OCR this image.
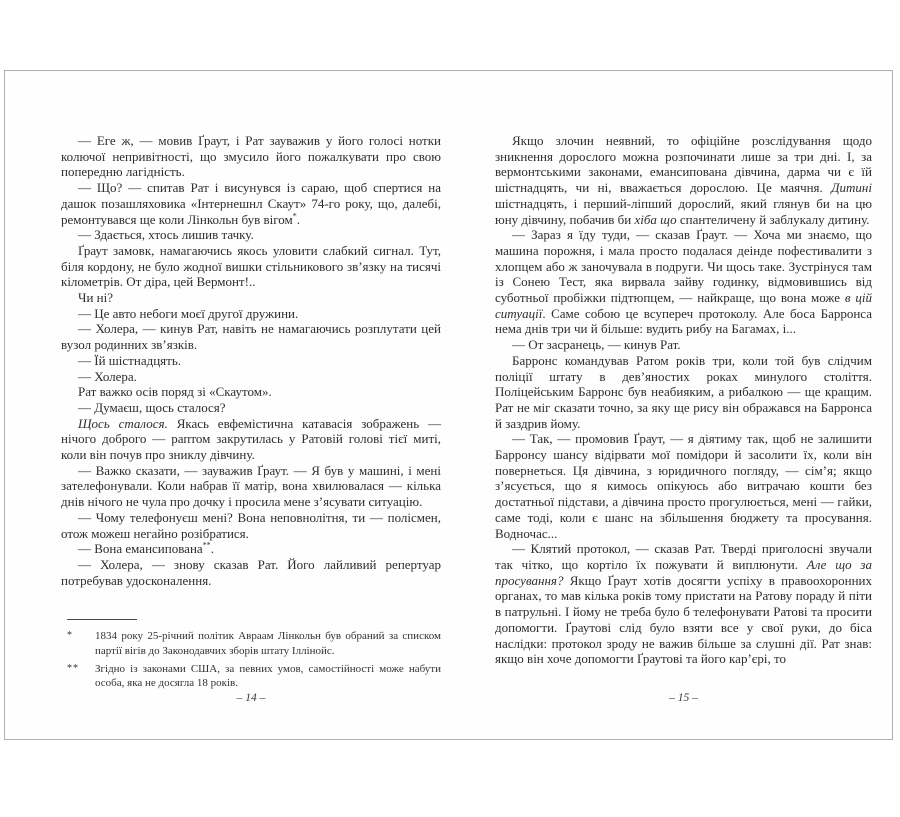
— Еге ж, — мовив Ґраут, і Рат зауважив у його голосі нотки колючої непривітності, що змусило його пожалкувати про свою попередню лагідність.

— Що? — спитав Рат і висунувся із сараю, щоб спертися на дашок позашляховика «Інтернешнл Скаут» 74-го року, що, далебі, ремонтувався ще коли Лінкольн був вігом*.

— Здається, хтось лишив тачку.

Ґраут замовк, намагаючись якось уловити слабкий сигнал. Тут, біля кордону, не було жодної вишки стільникового зв’язку на тисячі кілометрів. От діра, цей Вермонт!..

Чи ні?

— Це авто небоги моєї другої дружини.

— Холера, — кинув Рат, навіть не намагаючись розплутати цей вузол родинних зв’язків.

— Їй шістнадцять.

— Холера.

Рат важко осів поряд зі «Скаутом».

— Думаєш, щось сталося?

Щось сталося. Якась евфемістична катавасія зображень — нічого доброго — раптом закрутилась у Ратовій голові тієї миті, коли він почув про зниклу дівчину.

— Важко сказати, — зауважив Ґраут. — Я був у машині, і мені зателефонували. Коли набрав її матір, вона хвилювалася — кілька днів нічого не чула про дочку і просила мене з’ясувати ситуацію.

— Чому телефонуєш мені? Вона неповнолітня, ти — полісмен, отож можеш негайно розібратися.

— Вона емансипована**.

— Холера, — знову сказав Рат. Його лайливий репертуар потребував удосконалення.

*	1834 року 25-річний політик Авраам Лінкольн був обраний за списком партії вігів до Законодавчих зборів штату Іллінойс.
**	Згідно із законами США, за певних умов, самостійності може набути особа, яка не досягла 18 років.
– 14 –

Якщо злочин неявний, то офіційне розслідування щодо зникнення дорослого можна розпочинати лише за три дні. І, за вермонтськими законами, емансипована дівчина, дарма чи є їй шістнадцять, чи ні, вважається дорослою. Це маячня. Дитині шістнадцять, і перший-ліпший дорослий, який глянув би на цю юну дівчину, побачив би хіба що спантеличену й заблукалу дитину.

— Зараз я їду туди, — сказав Ґраут. — Хоча ми знаємо, що машина порожня, і мала просто подалася деінде пофестивалити з хлопцем або ж заночувала в подруги. Чи щось таке. Зустрінуся там із Сонею Тест, яка вирвала зайву годинку, відмовившись від суботньої пробіжки підтюпцем, — найкраще, що вона може в цій ситуації. Саме собою це всупереч протоколу. Але боса Барронса нема днів три чи й більше: вудить рибу на Багамах, і...

— От засранець, — кинув Рат.

Барронс командував Ратом років три, коли той був слідчим поліції штату в дев’яностих роках минулого століття. Поліцейським Барронс був неабияким, а рибалкою — ще кращим. Рат не міг сказати точно, за яку ще рису він ображався на Барронса й заздрив йому.

— Так, — промовив Ґраут, — я діятиму так, щоб не залишити Барронсу шансу відірвати мої помідори й засолити їх, коли він повернеться. Ця дівчина, з юридичного погляду, — сім’я; якщо з’ясується, що я кимось опікуюсь або витрачаю кошти без достатньої підстави, а дівчина просто прогулюється, мені — гайки, саме тоді, коли є шанс на збільшення бюджету та просування. Водночас...

— Клятий протокол, — сказав Рат. Тверді приголосні звучали так чітко, що кортіло їх пожувати й виплюнути. Але що за просування? Якщо Ґраут хотів досягти успіху в правоохоронних органах, то мав кілька років тому пристати на Ратову пораду й піти в патрульні. І йому не треба було б телефонувати Ратові та просити допомогти. Ґраутові слід було взяти все у свої руки, до біса наслідки: протокол зроду не важив більше за слушні дії. Рат знав: якщо він хоче допомогти Ґраутові та його кар’єрі, то

– 15 –
